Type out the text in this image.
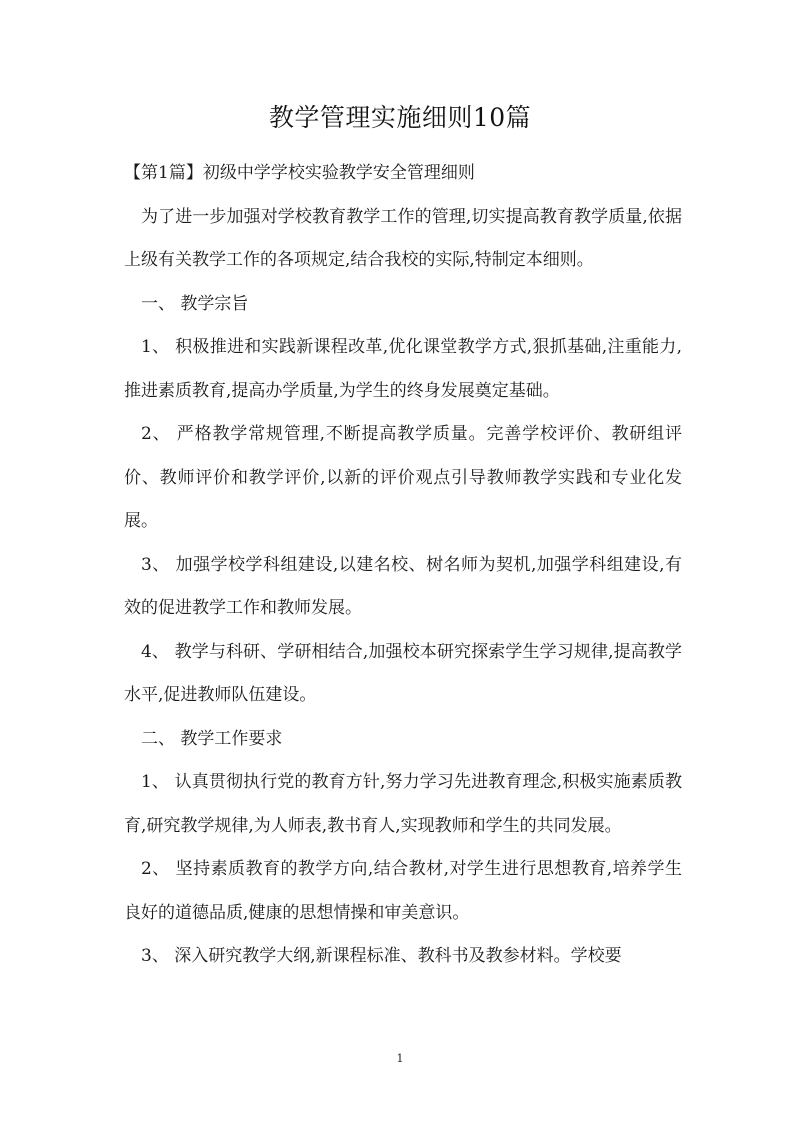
教学管理实施细则10篇

【第1篇】初级中学学校实验教学安全管理细则

为了进一步加强对学校教育教学工作的管理,切实提高教育教学质量,依据上级有关教学工作的各项规定,结合我校的实际,特制定本细则。

一、 教学宗旨

1、 积极推进和实践新课程改革,优化课堂教学方式,狠抓基础,注重能力,推进素质教育,提高办学质量,为学生的终身发展奠定基础。

2、 严格教学常规管理,不断提高教学质量。完善学校评价、教研组评价、教师评价和教学评价,以新的评价观点引导教师教学实践和专业化发展。

3、 加强学校学科组建设,以建名校、树名师为契机,加强学科组建设,有效的促进教学工作和教师发展。

4、 教学与科研、学研相结合,加强校本研究探索学生学习规律,提高教学水平,促进教师队伍建设。

二、 教学工作要求

1、 认真贯彻执行党的教育方针,努力学习先进教育理念,积极实施素质教育,研究教学规律,为人师表,教书育人,实现教师和学生的共同发展。

2、 坚持素质教育的教学方向,结合教材,对学生进行思想教育,培养学生良好的道德品质,健康的思想情操和审美意识。

3、 深入研究教学大纲,新课程标准、教科书及教参材料。学校要

1
